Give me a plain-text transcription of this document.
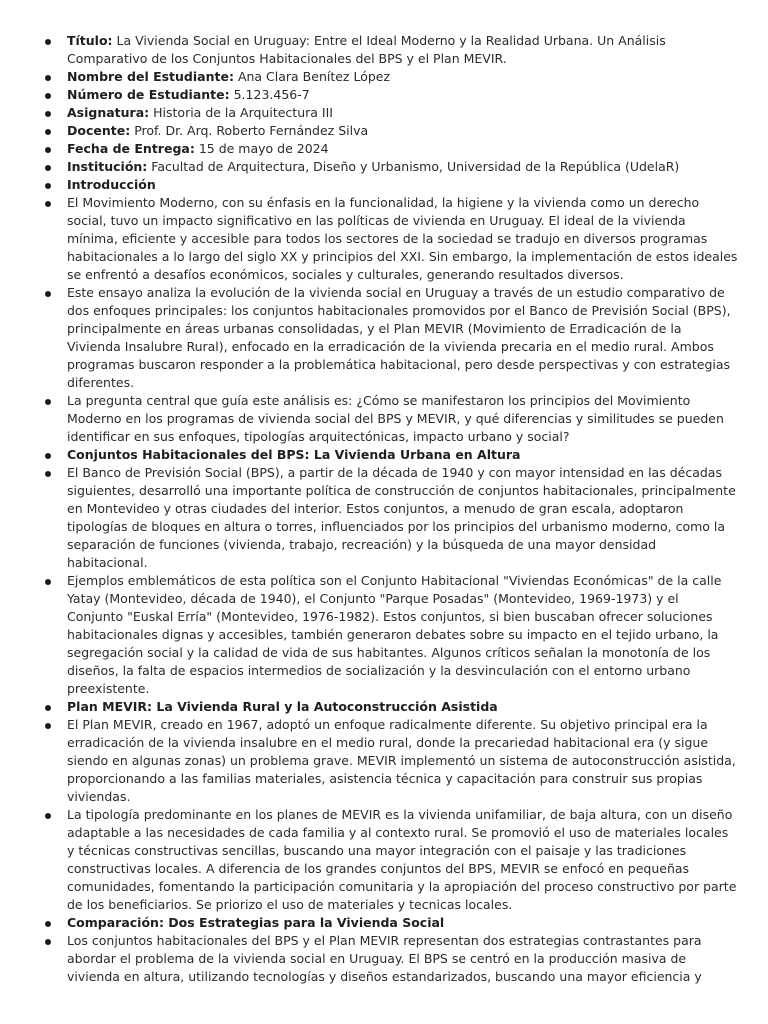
Título: La Vivienda Social en Uruguay: Entre el Ideal Moderno y la Realidad Urbana. Un Análisis Comparativo de los Conjuntos Habitacionales del BPS y el Plan MEVIR.
Nombre del Estudiante: Ana Clara Benítez López
Número de Estudiante: 5.123.456-7
Asignatura: Historia de la Arquitectura III
Docente: Prof. Dr. Arq. Roberto Fernández Silva
Fecha de Entrega: 15 de mayo de 2024
Institución: Facultad de Arquitectura, Diseño y Urbanismo, Universidad de la República (UdelaR)
Introducción
El Movimiento Moderno, con su énfasis en la funcionalidad, la higiene y la vivienda como un derecho social, tuvo un impacto significativo en las políticas de vivienda en Uruguay. El ideal de la vivienda mínima, eficiente y accesible para todos los sectores de la sociedad se tradujo en diversos programas habitacionales a lo largo del siglo XX y principios del XXI. Sin embargo, la implementación de estos ideales se enfrentó a desafíos económicos, sociales y culturales, generando resultados diversos.
Este ensayo analiza la evolución de la vivienda social en Uruguay a través de un estudio comparativo de dos enfoques principales: los conjuntos habitacionales promovidos por el Banco de Previsión Social (BPS), principalmente en áreas urbanas consolidadas, y el Plan MEVIR (Movimiento de Erradicación de la Vivienda Insalubre Rural), enfocado en la erradicación de la vivienda precaria en el medio rural. Ambos programas buscaron responder a la problemática habitacional, pero desde perspectivas y con estrategias diferentes.
La pregunta central que guía este análisis es: ¿Cómo se manifestaron los principios del Movimiento Moderno en los programas de vivienda social del BPS y MEVIR, y qué diferencias y similitudes se pueden identificar en sus enfoques, tipologías arquitectónicas, impacto urbano y social?
Conjuntos Habitacionales del BPS: La Vivienda Urbana en Altura
El Banco de Previsión Social (BPS), a partir de la década de 1940 y con mayor intensidad en las décadas siguientes, desarrolló una importante política de construcción de conjuntos habitacionales, principalmente en Montevideo y otras ciudades del interior. Estos conjuntos, a menudo de gran escala, adoptaron tipologías de bloques en altura o torres, influenciados por los principios del urbanismo moderno, como la separación de funciones (vivienda, trabajo, recreación) y la búsqueda de una mayor densidad habitacional.
Ejemplos emblemáticos de esta política son el Conjunto Habitacional "Viviendas Económicas" de la calle Yatay (Montevideo, década de 1940), el Conjunto "Parque Posadas" (Montevideo, 1969-1973) y el Conjunto "Euskal Erría" (Montevideo, 1976-1982). Estos conjuntos, si bien buscaban ofrecer soluciones habitacionales dignas y accesibles, también generaron debates sobre su impacto en el tejido urbano, la segregación social y la calidad de vida de sus habitantes. Algunos críticos señalan la monotonía de los diseños, la falta de espacios intermedios de socialización y la desvinculación con el entorno urbano preexistente.
Plan MEVIR: La Vivienda Rural y la Autoconstrucción Asistida
El Plan MEVIR, creado en 1967, adoptó un enfoque radicalmente diferente. Su objetivo principal era la erradicación de la vivienda insalubre en el medio rural, donde la precariedad habitacional era (y sigue siendo en algunas zonas) un problema grave. MEVIR implementó un sistema de autoconstrucción asistida, proporcionando a las familias materiales, asistencia técnica y capacitación para construir sus propias viviendas.
La tipología predominante en los planes de MEVIR es la vivienda unifamiliar, de baja altura, con un diseño adaptable a las necesidades de cada familia y al contexto rural. Se promovió el uso de materiales locales y técnicas constructivas sencillas, buscando una mayor integración con el paisaje y las tradiciones constructivas locales. A diferencia de los grandes conjuntos del BPS, MEVIR se enfocó en pequeñas comunidades, fomentando la participación comunitaria y la apropiación del proceso constructivo por parte de los beneficiarios. Se priorizo el uso de materiales y tecnicas locales.
Comparación: Dos Estrategias para la Vivienda Social
Los conjuntos habitacionales del BPS y el Plan MEVIR representan dos estrategias contrastantes para abordar el problema de la vivienda social en Uruguay. El BPS se centró en la producción masiva de vivienda en altura, utilizando tecnologías y diseños estandarizados, buscando una mayor eficiencia y
